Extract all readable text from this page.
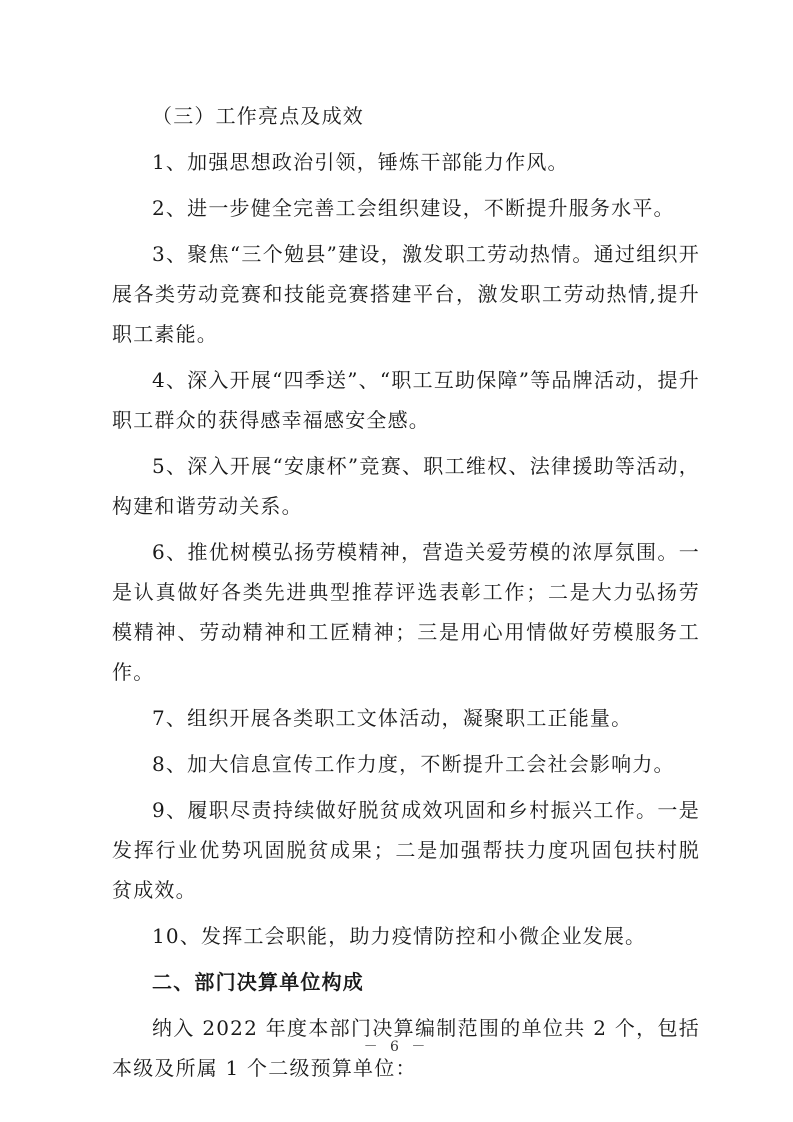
（三）工作亮点及成效

1、加强思想政治引领，锤炼干部能力作风。

2、进一步健全完善工会组织建设，不断提升服务水平。

3、聚焦“三个勉县”建设，激发职工劳动热情。通过组织开展各类劳动竞赛和技能竞赛搭建平台，激发职工劳动热情,提升职工素能。

4、深入开展“四季送”、“职工互助保障”等品牌活动，提升职工群众的获得感幸福感安全感。

5、深入开展“安康杯”竞赛、职工维权、法律援助等活动，构建和谐劳动关系。

6、推优树模弘扬劳模精神，营造关爱劳模的浓厚氛围。一是认真做好各类先进典型推荐评选表彰工作；二是大力弘扬劳模精神、劳动精神和工匠精神；三是用心用情做好劳模服务工作。

7、组织开展各类职工文体活动，凝聚职工正能量。

8、加大信息宣传工作力度，不断提升工会社会影响力。

9、履职尽责持续做好脱贫成效巩固和乡村振兴工作。一是发挥行业优势巩固脱贫成果；二是加强帮扶力度巩固包扶村脱贫成效。

10、发挥工会职能，助力疫情防控和小微企业发展。

二、部门决算单位构成

纳入 2022 年度本部门决算编制范围的单位共 2 个，包括本级及所属 1 个二级预算单位：

－ 6 －
